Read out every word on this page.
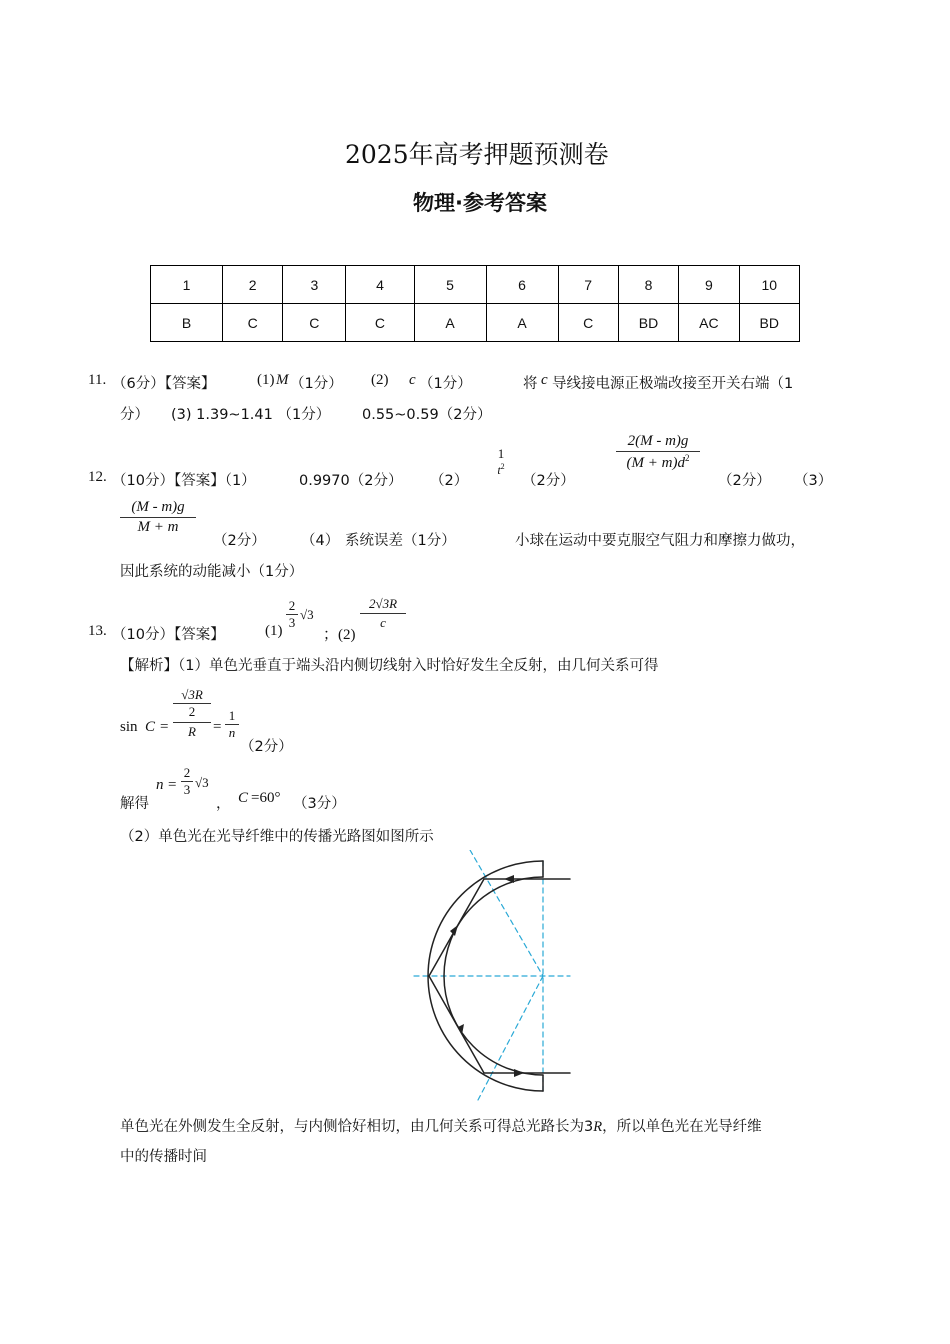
2025年高考押题预测卷
物理·参考答案
1	2	3	4	5	6	7	8	9	10
B	C	C	C	A	A	C	BD	AC	BD
11. （6分）【答案】	(1) M （1分） (2) c （1分）	将 c 导线接电源正极端改接至开关右端（1
分） (3) 1.39~1.41 （1分） 0.55~0.59（2分）
12. （10分）【答案】（1）	0.9970（2分） （2）
1
$t^2$
（2分）
2(M - m)g
$(M + m)d^2$
（2分） （3）
(M - m)g
M + m
（2分） （4） 系统误差（1分）	小球在运动中要克服空气阻力和摩擦力做功，
因此系统的动能减小（1分）
13. （10分）【答案】	$(1) \frac{2}{3} √3$
；(2)
2√3R
c
【解析】（1）单色光垂直于端头沿内侧切线射入时恰好发生全反射，由几何关系可得
sin C =
√3R
2
R	= $\frac{1}{n}$
（2分）
解得
$n = \frac{2}{3} √3$
， C =60° （3分）
（2）单色光在光导纤维中的传播光路图如图所示
单色光在外侧发生全反射，与内侧恰好相切，由几何关系可得总光路长为3R，所以单色光在光导纤维
中的传播时间
